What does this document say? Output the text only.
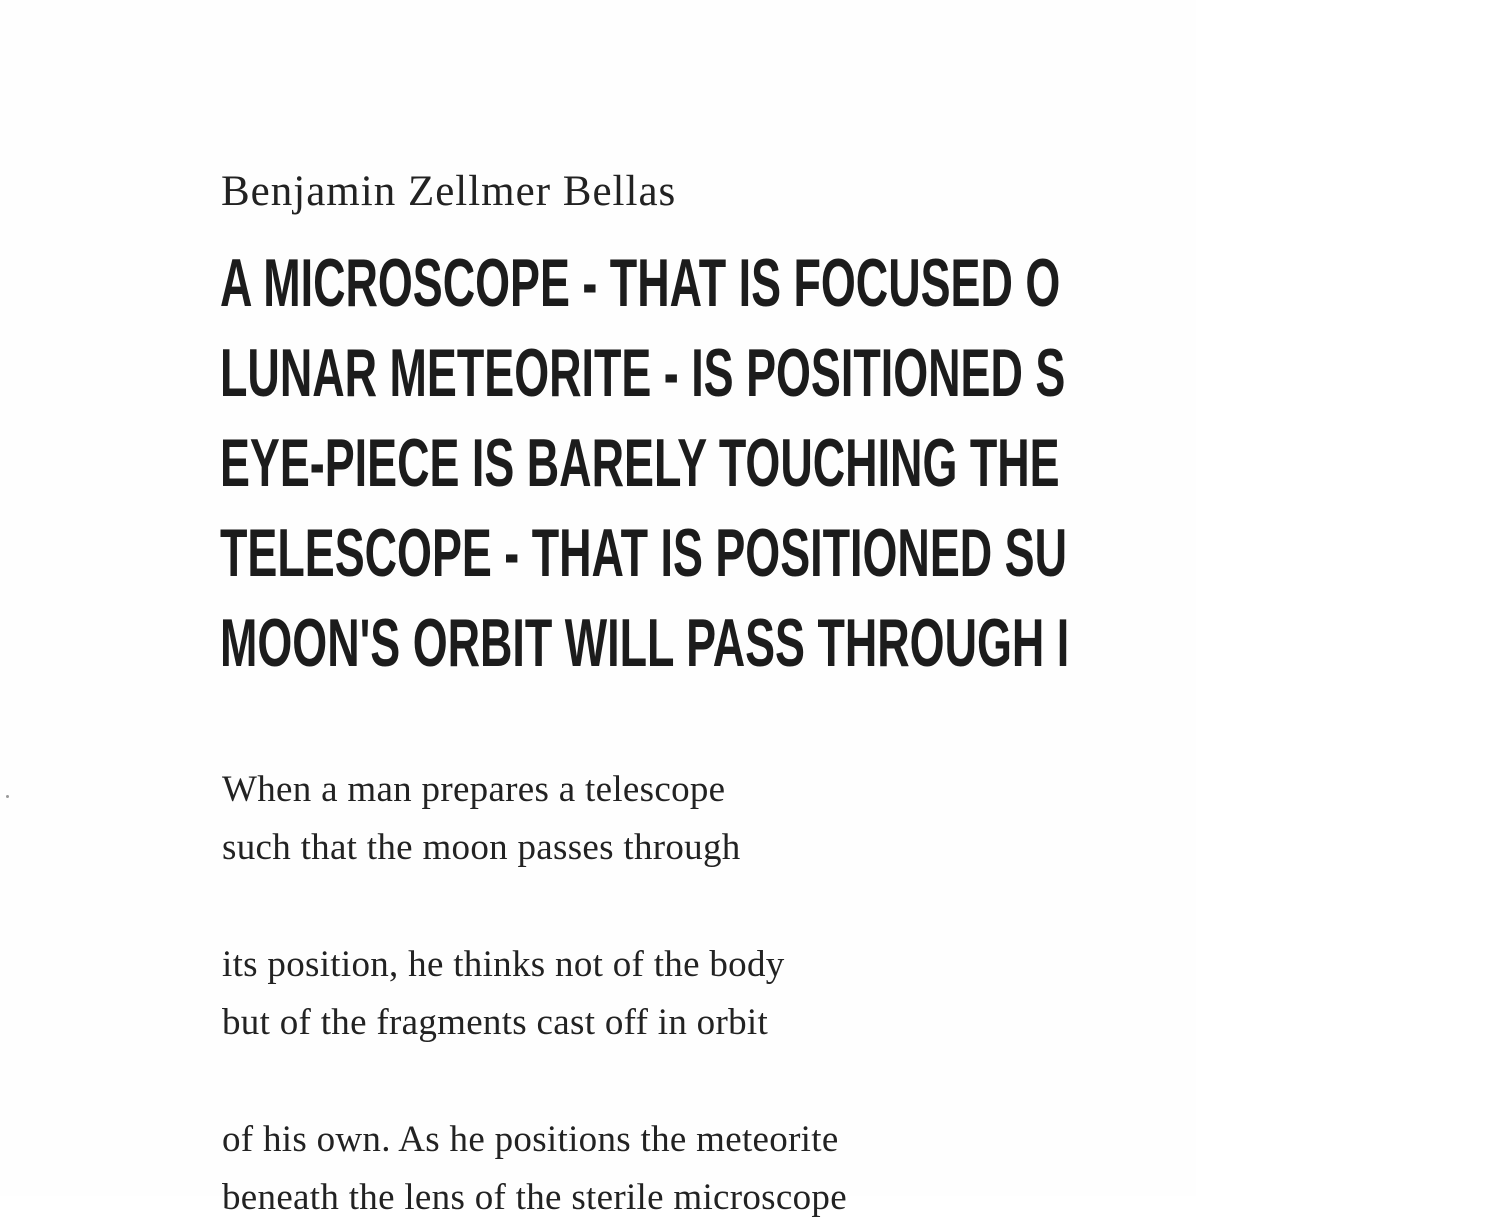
Benjamin Zellmer Bellas
A MICROSCOPE - THAT IS FOCUSED O
LUNAR METEORITE - IS POSITIONED S
EYE-PIECE IS BARELY TOUCHING THE
TELESCOPE - THAT IS POSITIONED SU
MOON'S ORBIT WILL PASS THROUGH I
When a man prepares a telescope
such that the moon passes through
its position, he thinks not of the body
but of the fragments cast off in orbit
of his own. As he positions the meteorite
beneath the lens of the sterile microscope
